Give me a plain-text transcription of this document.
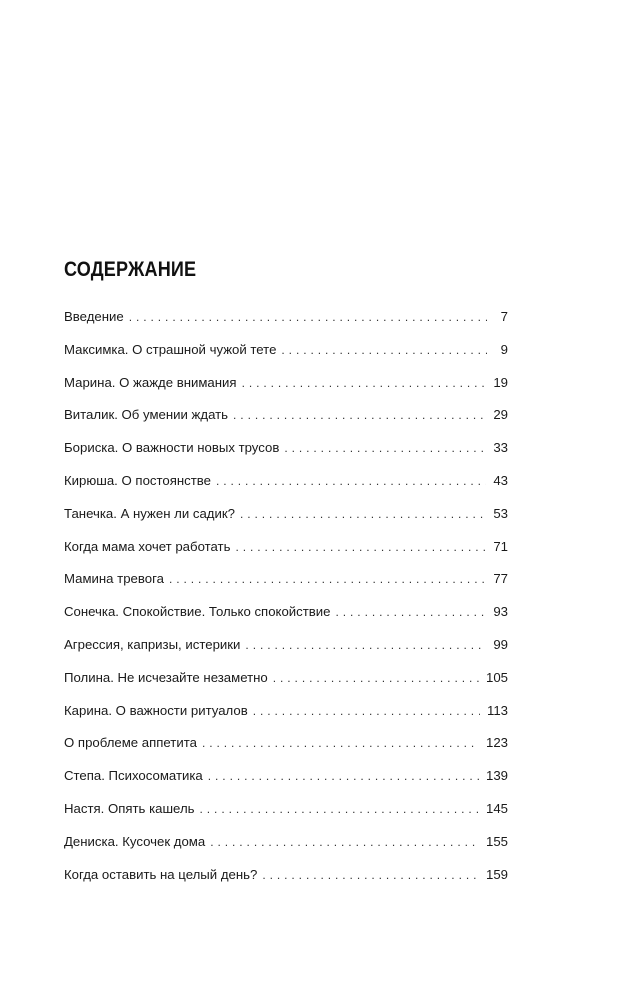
СОДЕРЖАНИЕ
Введение . . .	7
Максимка. О страшной чужой тете . . .	9
Марина. О жажде внимания . . .	19
Виталик. Об умении ждать . . .	29
Бориска. О важности новых трусов . . .	33
Кирюша. О постоянстве . . .	43
Танечка. А нужен ли садик? . . .	53
Когда мама хочет работать . . .	71
Мамина тревога . . .	77
Сонечка. Спокойствие. Только спокойствие . . .	93
Агрессия, капризы, истерики . . .	99
Полина. Не исчезайте незаметно . . .	105
Карина. О важности ритуалов . . .	113
О проблеме аппетита . . .	123
Степа. Психосоматика . . .	139
Настя. Опять кашель . . .	145
Дениска. Кусочек дома . . .	155
Когда оставить на целый день? . . .	159
